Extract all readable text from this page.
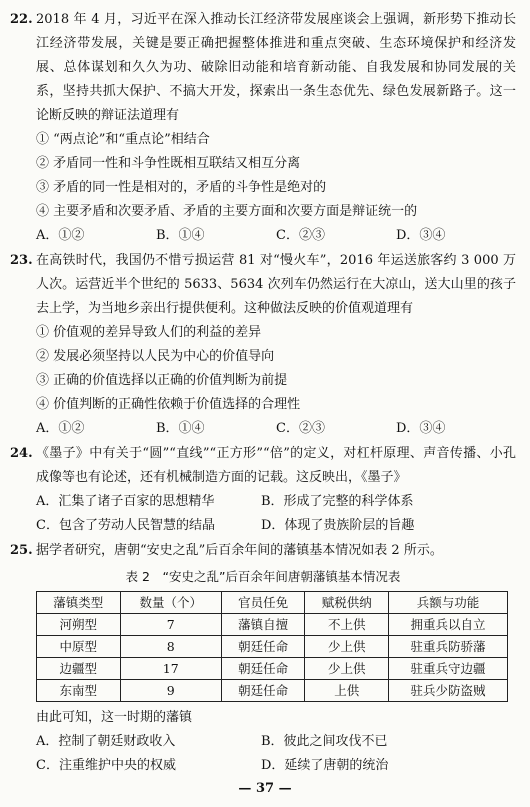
22. 2018 年 4 月，习近平在深入推动长江经济带发展座谈会上强调，新形势下推动长江经济带发展，关键是要正确把握整体推进和重点突破、生态环境保护和经济发展、总体谋划和久久为功、破除旧动能和培育新动能、自我发展和协同发展的关系，坚持共抓大保护、不搞大开发，探索出一条生态优先、绿色发展新路子。这一论断反映的辩证法道理有
① “两点论”和“重点论”相结合
② 矛盾同一性和斗争性既相互联结又相互分离
③ 矛盾的同一性是相对的，矛盾的斗争性是绝对的
④ 主要矛盾和次要矛盾、矛盾的主要方面和次要方面是辩证统一的
A．①②	B．①④	C．②③	D．③④
23. 在高铁时代，我国仍不惜亏损运营 81 对“慢火车”，2016 年运送旅客约 3 000 万人次。运营近半个世纪的 5633、5634 次列车仍然运行在大凉山，送大山里的孩子去上学，为当地乡亲出行提供便利。这种做法反映的价值观道理有
① 价值观的差异导致人们的利益的差异
② 发展必须坚持以人民为中心的价值导向
③ 正确的价值选择以正确的价值判断为前提
④ 价值判断的正确性依赖于价值选择的合理性
A．①②	B．①④	C．②③	D．③④
24. 《墨子》中有关于“圆”“直线”“正方形”“倍”的定义，对杠杆原理、声音传播、小孔成像等也有论述，还有机械制造方面的记载。这反映出，《墨子》
A．汇集了诸子百家的思想精华	B．形成了完整的科学体系
C．包含了劳动人民智慧的结晶	D．体现了贵族阶层的旨趣
25. 据学者研究，唐朝“安史之乱”后百余年间的藩镇基本情况如表 2 所示。
表 2　“安史之乱”后百余年间唐朝藩镇基本情况表
藩镇类型	数量（个）	官员任免	赋税供纳	兵额与功能
河朔型	7	藩镇自擅	不上供	拥重兵以自立
中原型	8	朝廷任命	少上供	驻重兵防骄藩
边疆型	17	朝廷任命	少上供	驻重兵守边疆
东南型	9	朝廷任命	上供	驻兵少防盗贼
由此可知，这一时期的藩镇
A．控制了朝廷财政收入	B．彼此之间攻伐不已
C．注重维护中央的权威	D．延续了唐朝的统治
— 37 —
